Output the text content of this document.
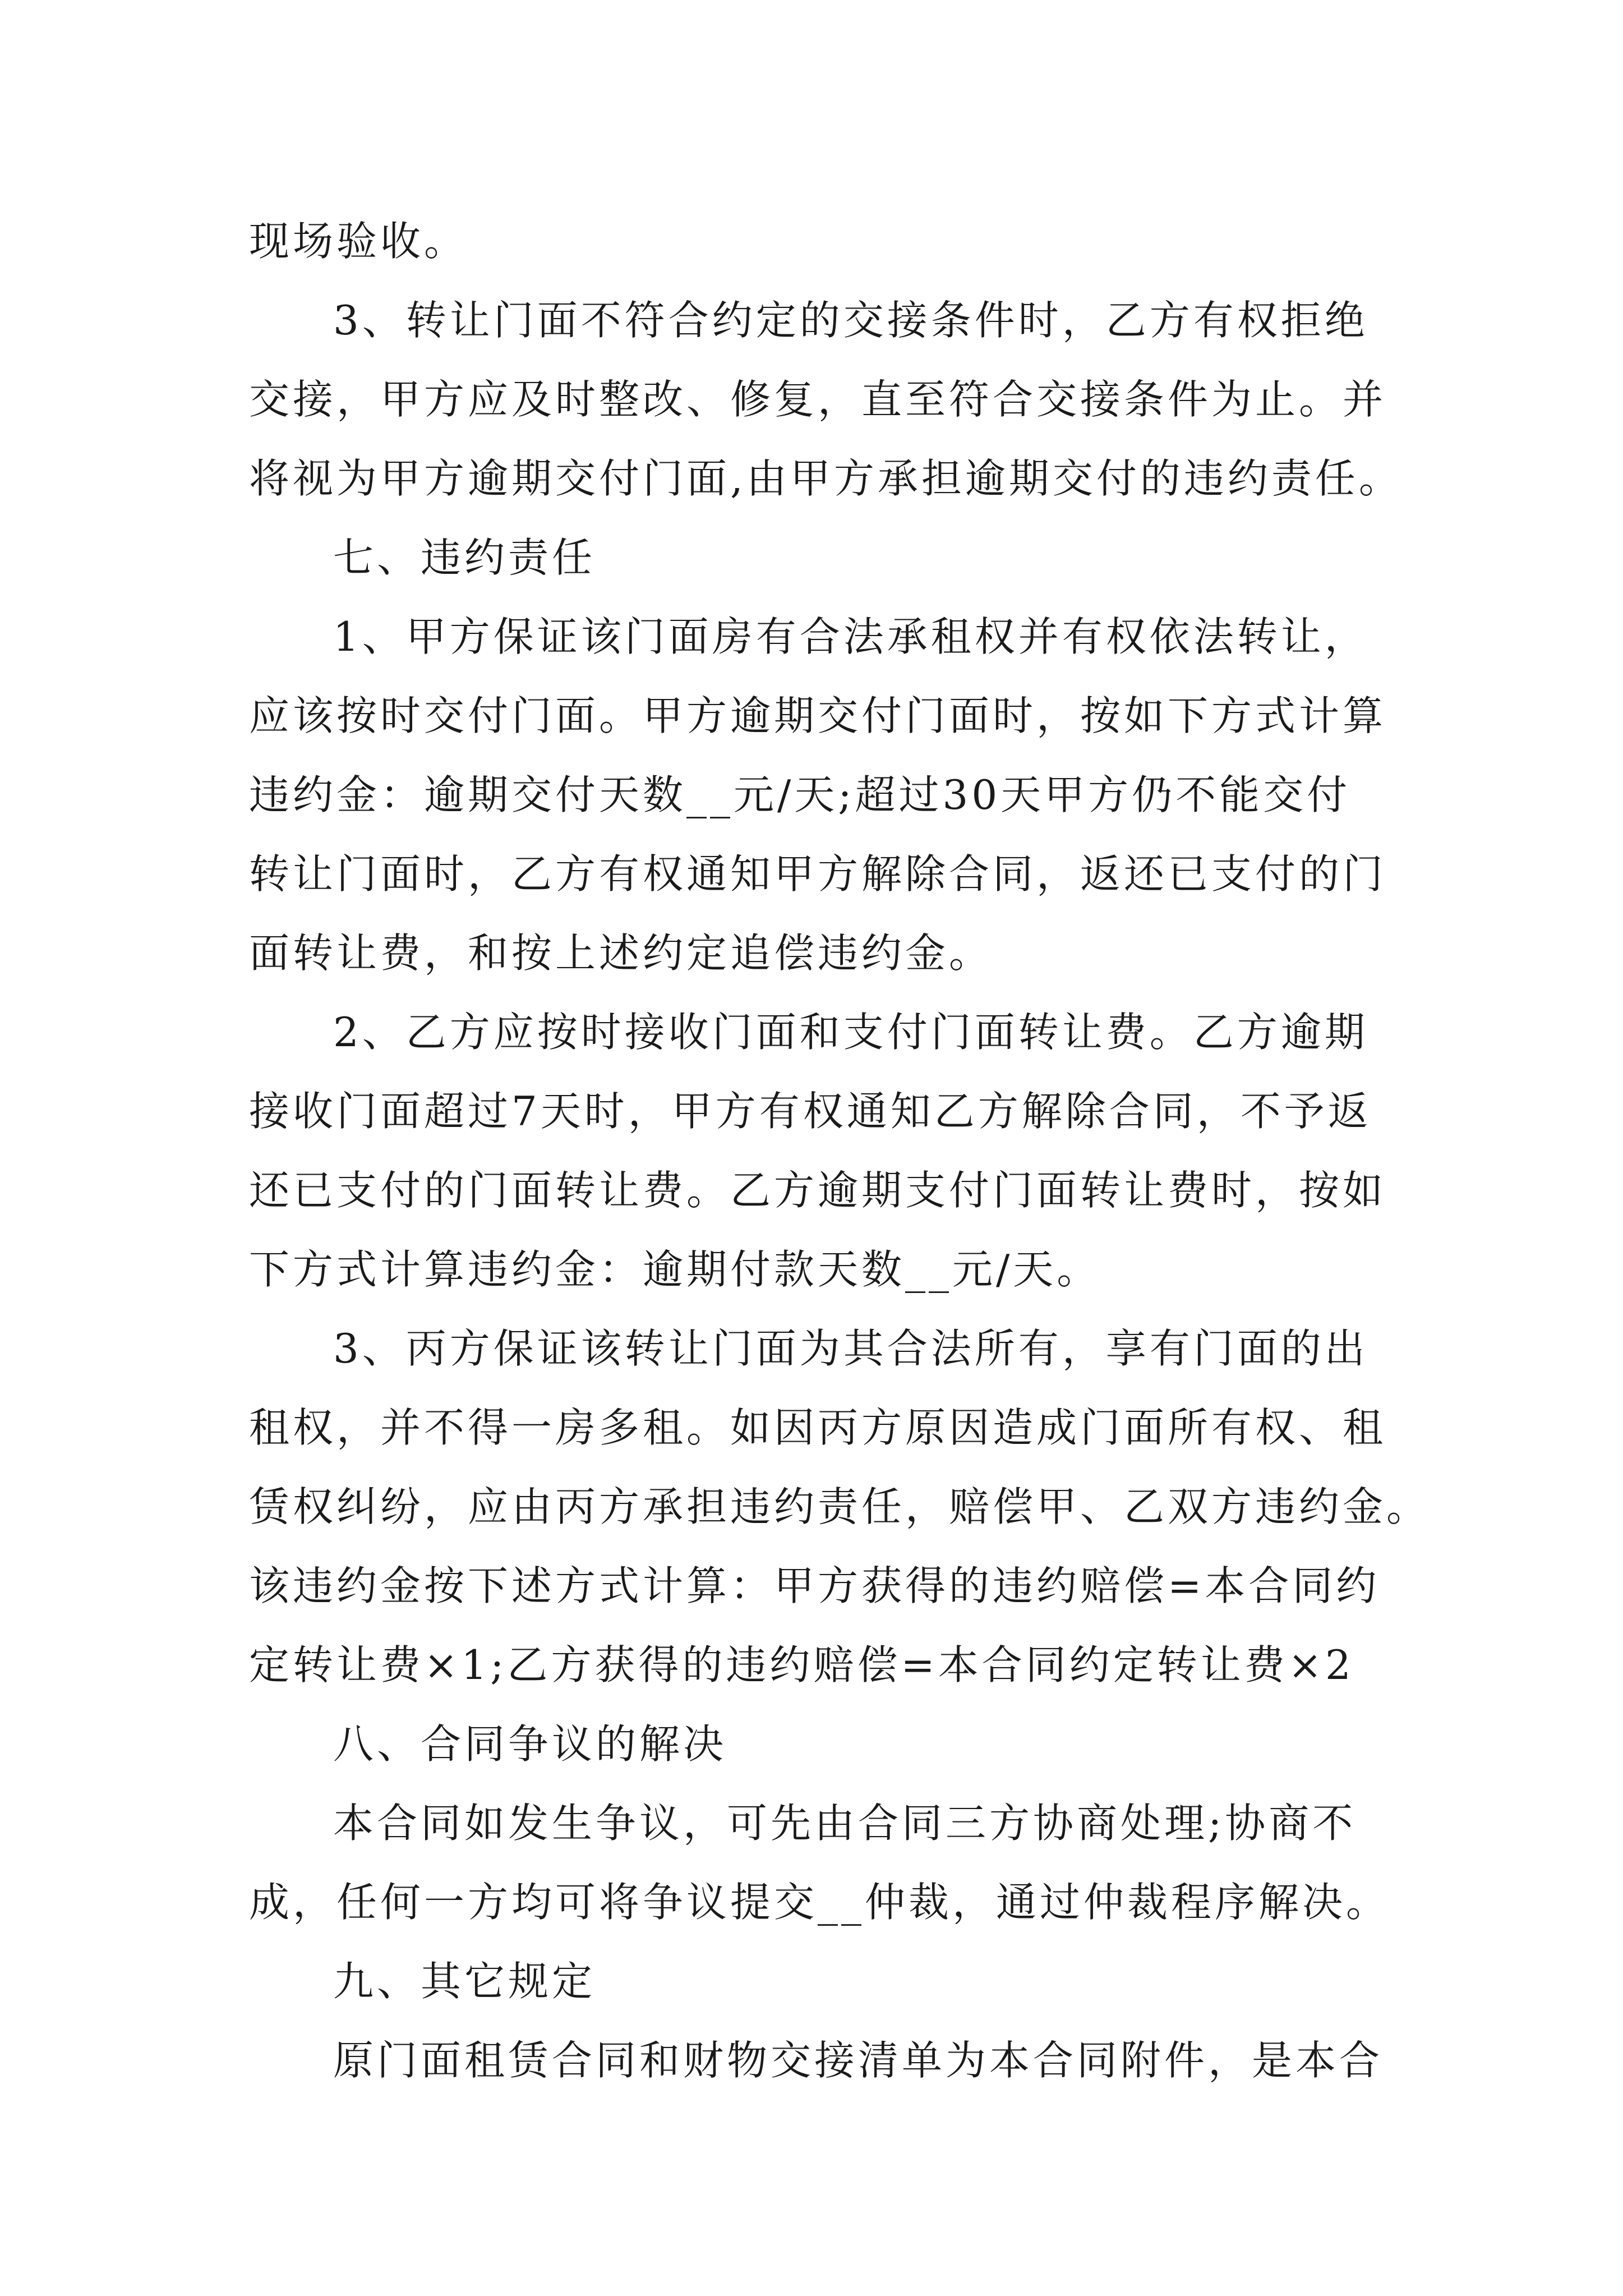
现场验收。
3、转让门面不符合约定的交接条件时，乙方有权拒绝
交接，甲方应及时整改、修复，直至符合交接条件为止。并
将视为甲方逾期交付门面,由甲方承担逾期交付的违约责任。
七、违约责任
1、甲方保证该门面房有合法承租权并有权依法转让，
应该按时交付门面。甲方逾期交付门面时，按如下方式计算
违约金：逾期交付天数__元/天;超过30天甲方仍不能交付
转让门面时，乙方有权通知甲方解除合同，返还已支付的门
面转让费，和按上述约定追偿违约金。
2、乙方应按时接收门面和支付门面转让费。乙方逾期
接收门面超过7天时，甲方有权通知乙方解除合同，不予返
还已支付的门面转让费。乙方逾期支付门面转让费时，按如
下方式计算违约金：逾期付款天数__元/天。
3、丙方保证该转让门面为其合法所有，享有门面的出
租权，并不得一房多租。如因丙方原因造成门面所有权、租
赁权纠纷，应由丙方承担违约责任，赔偿甲、乙双方违约金。
该违约金按下述方式计算：甲方获得的违约赔偿=本合同约
定转让费×1;乙方获得的违约赔偿=本合同约定转让费×2
八、合同争议的解决
本合同如发生争议，可先由合同三方协商处理;协商不
成，任何一方均可将争议提交__仲裁，通过仲裁程序解决。
九、其它规定
原门面租赁合同和财物交接清单为本合同附件，是本合
